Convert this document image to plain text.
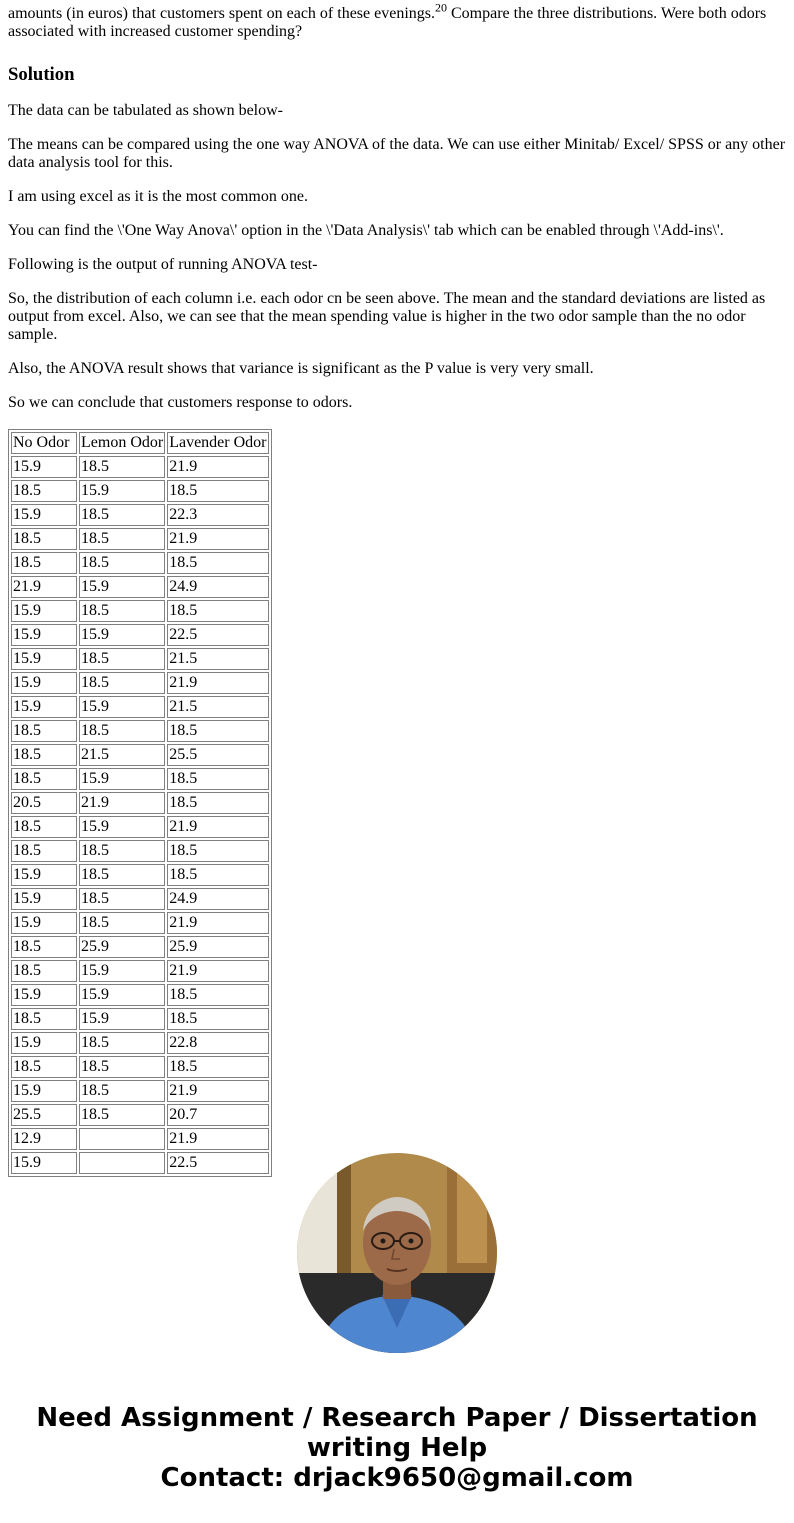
amounts (in euros) that customers spent on each of these evenings.$^{20}$ Compare the three distributions. Were both odors
associated with increased customer spending?

Solution

The data can be tabulated as shown below-

The means can be compared using the one way ANOVA of the data. We can use either Minitab/ Excel/ SPSS or any other data analysis tool for this.

I am using excel as it is the most common one.

You can find the \'One Way Anova\' option in the \'Data Analysis\' tab which can be enabled through \'Add-ins\'.

Following is the output of running ANOVA test-

So, the distribution of each column i.e. each odor cn be seen above. The mean and the standard deviations are listed as output from excel. Also, we can see that the mean spending value is higher in the two odor sample than the no odor sample.

Also, the ANOVA result shows that variance is significant as the P value is very very small.

So we can conclude that customers response to odors.

No Odor	Lemon Odor	Lavender Odor
15.9	18.5	21.9
18.5	15.9	18.5
15.9	18.5	22.3
18.5	18.5	21.9
18.5	18.5	18.5
21.9	15.9	24.9
15.9	18.5	18.5
15.9	15.9	22.5
15.9	18.5	21.5
15.9	18.5	21.9
15.9	15.9	21.5
18.5	18.5	18.5
18.5	21.5	25.5
18.5	15.9	18.5
20.5	21.9	18.5
18.5	15.9	21.9
18.5	18.5	18.5
15.9	18.5	18.5
15.9	18.5	24.9
15.9	18.5	21.9
18.5	25.9	25.9
18.5	15.9	21.9
15.9	15.9	18.5
18.5	15.9	18.5
15.9	18.5	22.8
18.5	18.5	18.5
15.9	18.5	21.9
25.5	18.5	20.7
12.9		21.9
15.9		22.5
Need Assignment / Research Paper / Dissertation
writing Help
Contact: drjack9650@gmail.com
